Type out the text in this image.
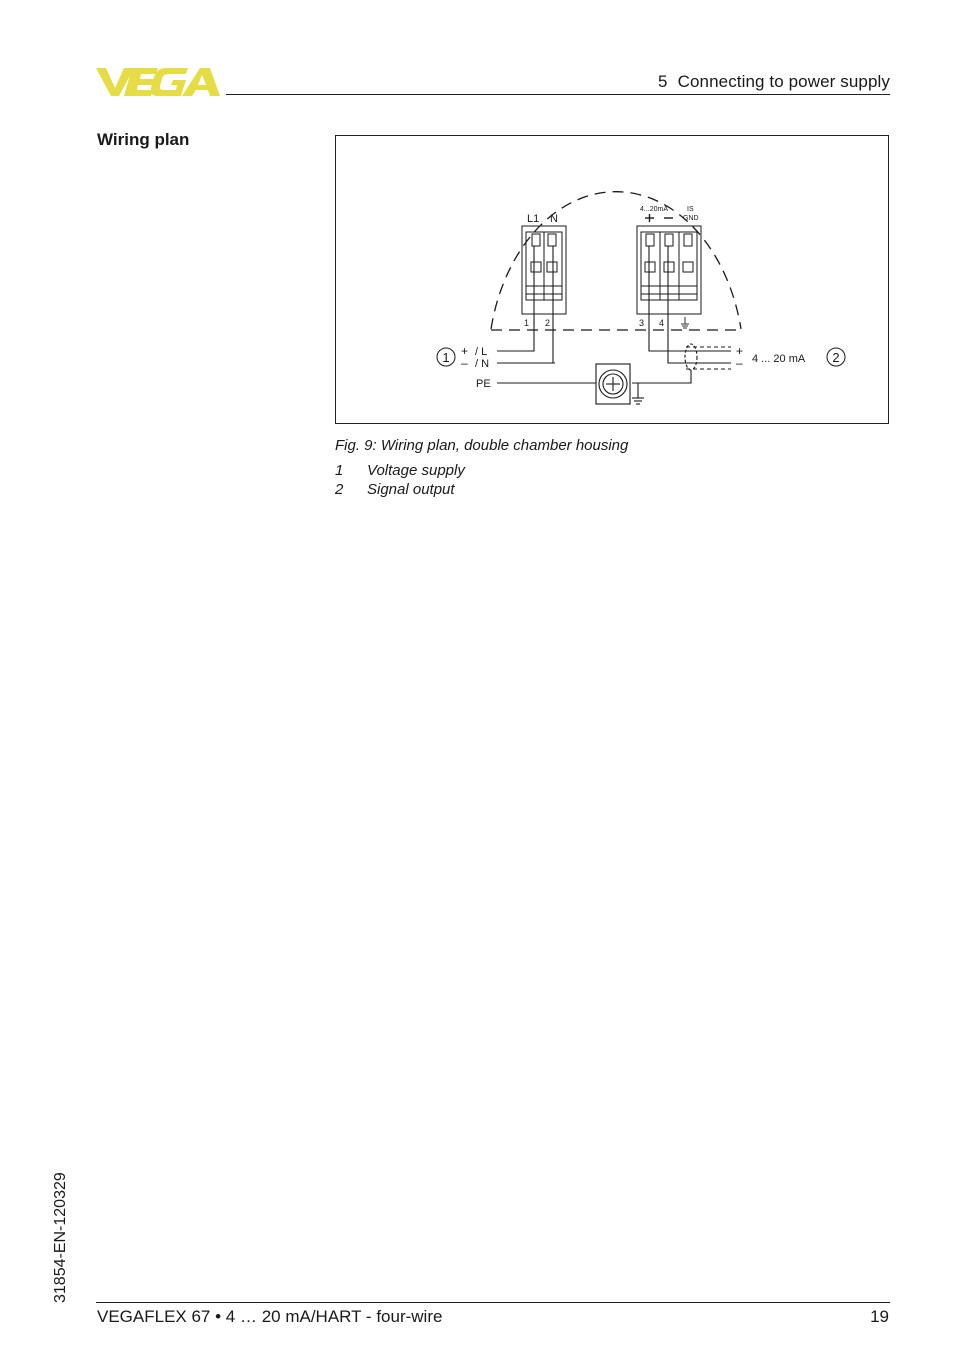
5 Connecting to power supply
Wiring plan
L1 N
4...20mA	IS
GND
1 2	3 4
+ / L
– / N
PE
+
– 4 ... 20 mA
1	2
Fig. 9: Wiring plan, double chamber housing
1	Voltage supply
2	Signal output
31854-EN-120329
VEGAFLEX 67 • 4 … 20 mA/HART - four-wire	19
